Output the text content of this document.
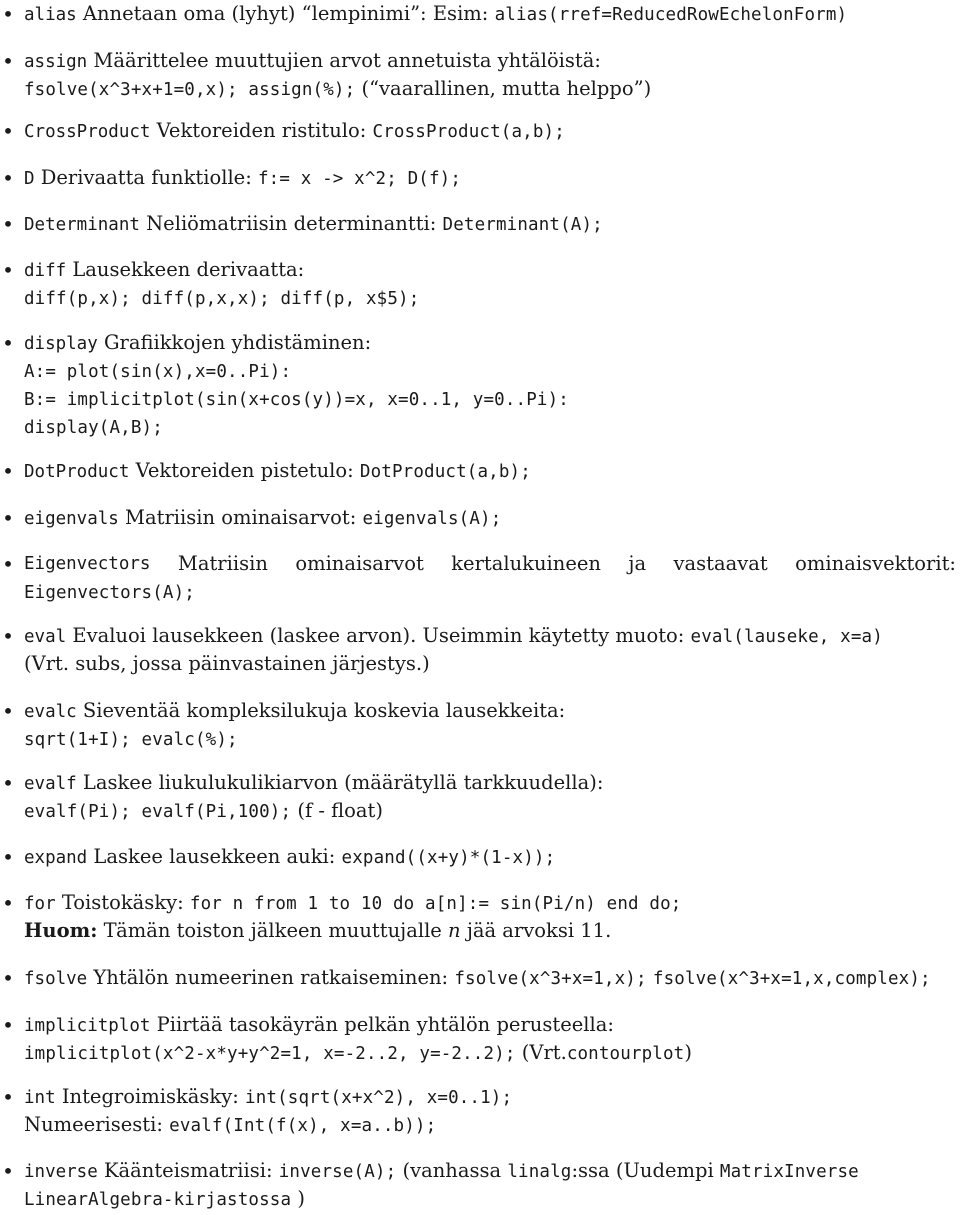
• alias Annetaan oma (lyhyt) “lempinimi”: Esim: alias(rref=ReducedRowEchelonForm)
• assign Määrittelee muuttujien arvot annetuista yhtälöistä:
fsolve(x^3+x+1=0,x); assign(%); (“vaarallinen, mutta helppo”)
• CrossProduct Vektoreiden ristitulo: CrossProduct(a,b);
• D Derivaatta funktiolle: f:= x -> x^2; D(f);
• Determinant Neliömatriisin determinantti: Determinant(A);
• diff Lausekkeen derivaatta:
diff(p,x); diff(p,x,x); diff(p, x$5);
• display Grafiikkojen yhdistäminen:
A:= plot(sin(x),x=0..Pi):
B:= implicitplot(sin(x+cos(y))=x, x=0..1, y=0..Pi):
display(A,B);
• DotProduct Vektoreiden pistetulo: DotProduct(a,b);
• eigenvals Matriisin ominaisarvot: eigenvals(A);
• Eigenvectors Matriisin ominaisarvot kertalukuineen ja vastaavat ominaisvektorit:
Eigenvectors(A);
• eval Evaluoi lausekkeen (laskee arvon). Useimmin käytetty muoto: eval(lauseke, x=a)
(Vrt. subs, jossa päinvastainen järjestys.)
• evalc Sieventää kompleksilukuja koskevia lausekkeita:
sqrt(1+I); evalc(%);
• evalf Laskee liukulukulikiarvon (määrätyllä tarkkuudella):
evalf(Pi); evalf(Pi,100); (f - float)
• expand Laskee lausekkeen auki: expand((x+y)*(1-x));
• for Toistokäsky: for n from 1 to 10 do a[n]:= sin(Pi/n) end do;
Huom: Tämän toiston jälkeen muuttujalle n jää arvoksi 11.
• fsolve Yhtälön numeerinen ratkaiseminen: fsolve(x^3+x=1,x); fsolve(x^3+x=1,x,complex);
• implicitplot Piirtää tasokäyrän pelkän yhtälön perusteella:
implicitplot(x^2-x*y+y^2=1, x=-2..2, y=-2..2); (Vrt.contourplot)
• int Integroimiskäsky: int(sqrt(x+x^2), x=0..1);
Numeerisesti: evalf(Int(f(x), x=a..b));
• inverse Käänteismatriisi: inverse(A); (vanhassa linalg:ssa (Uudempi MatrixInverse
LinearAlgebra-kirjastossa )
